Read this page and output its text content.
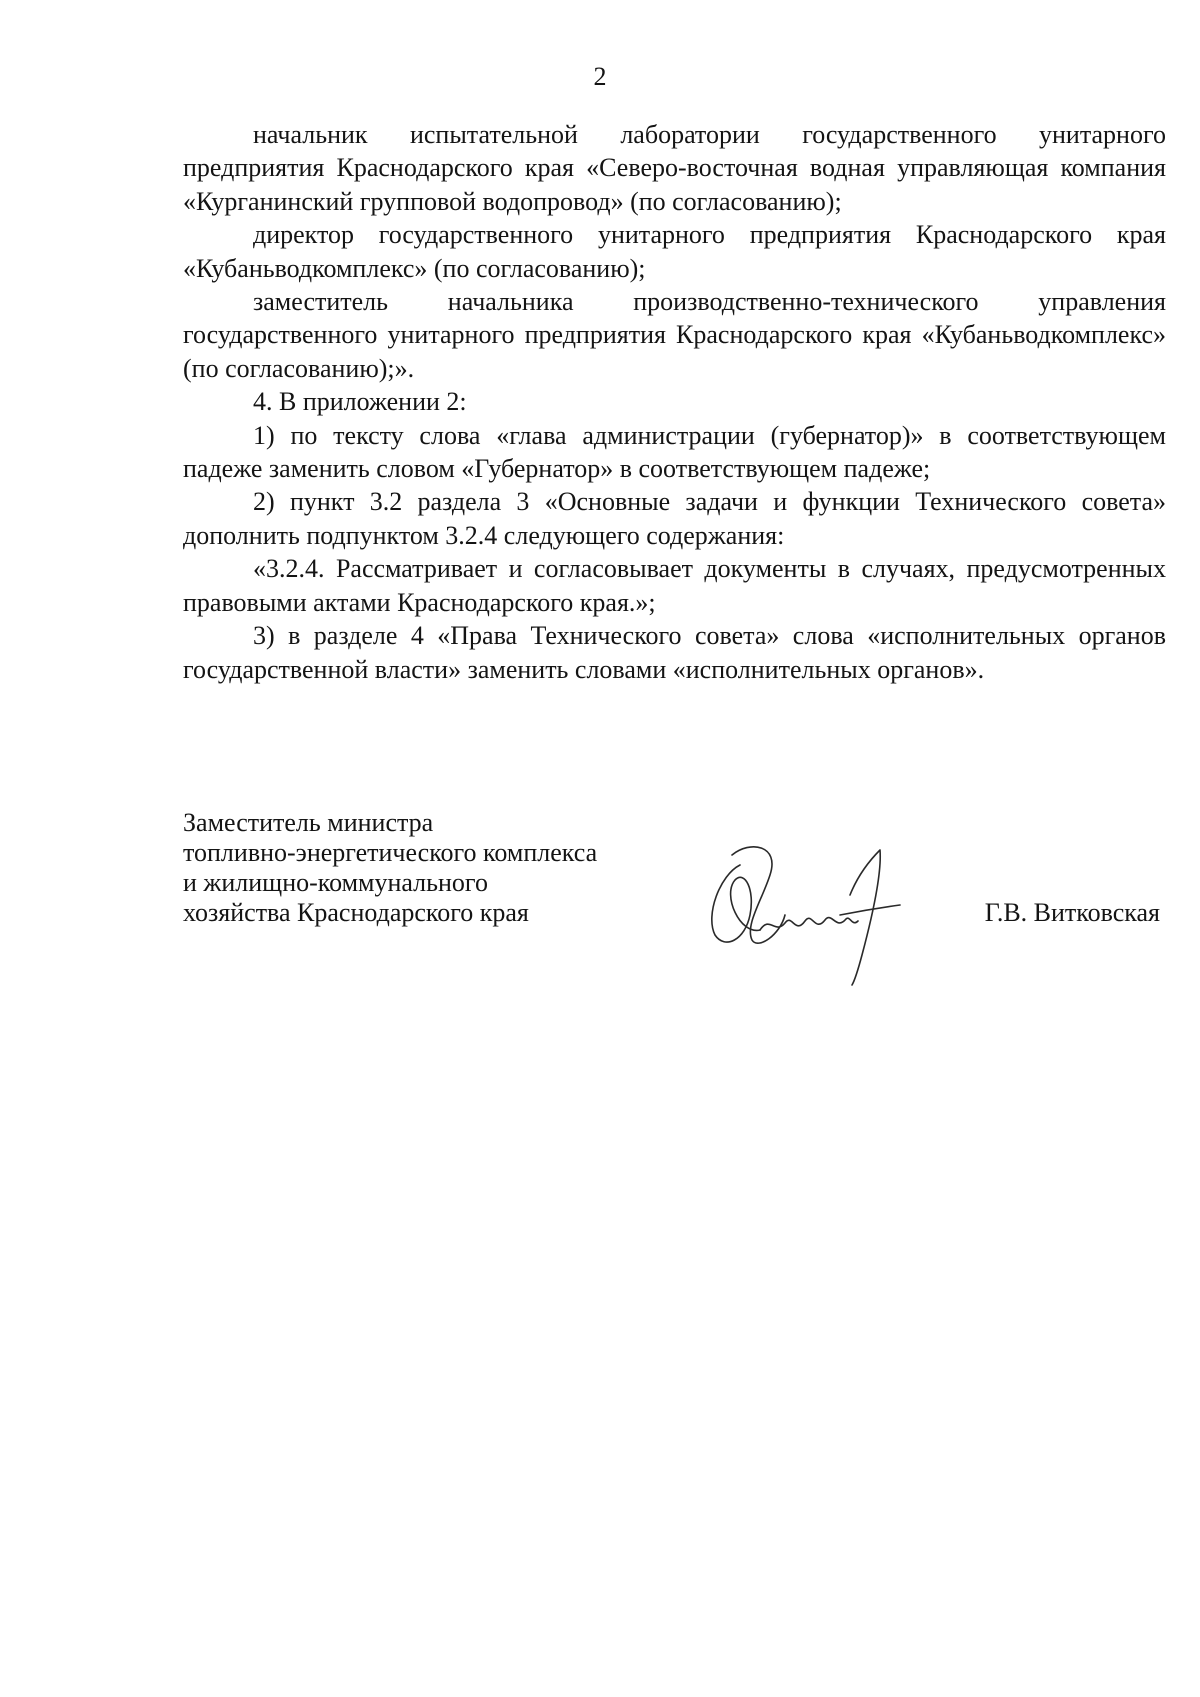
2

начальник испытательной лаборатории государственного унитарного предприятия Краснодарского края «Северо-восточная водная управляющая компания «Курганинский групповой водопровод» (по согласованию);

директор государственного унитарного предприятия Краснодарского края «Кубаньводкомплекс» (по согласованию);

заместитель начальника производственно-технического управления государственного унитарного предприятия Краснодарского края «Кубаньводкомплекс» (по согласованию);».

4. В приложении 2:

1) по тексту слова «глава администрации (губернатор)» в соответствующем падеже заменить словом «Губернатор» в соответствующем падеже;

2) пункт 3.2 раздела 3 «Основные задачи и функции Технического совета» дополнить подпунктом 3.2.4 следующего содержания:

«3.2.4. Рассматривает и согласовывает документы в случаях, предусмотренных правовыми актами Краснодарского края.»;

3) в разделе 4 «Права Технического совета» слова «исполнительных органов государственной власти» заменить словами «исполнительных органов».

Заместитель министра
топливно-энергетического комплекса
и жилищно-коммунального
хозяйства Краснодарского края	Г.В. Витковская
